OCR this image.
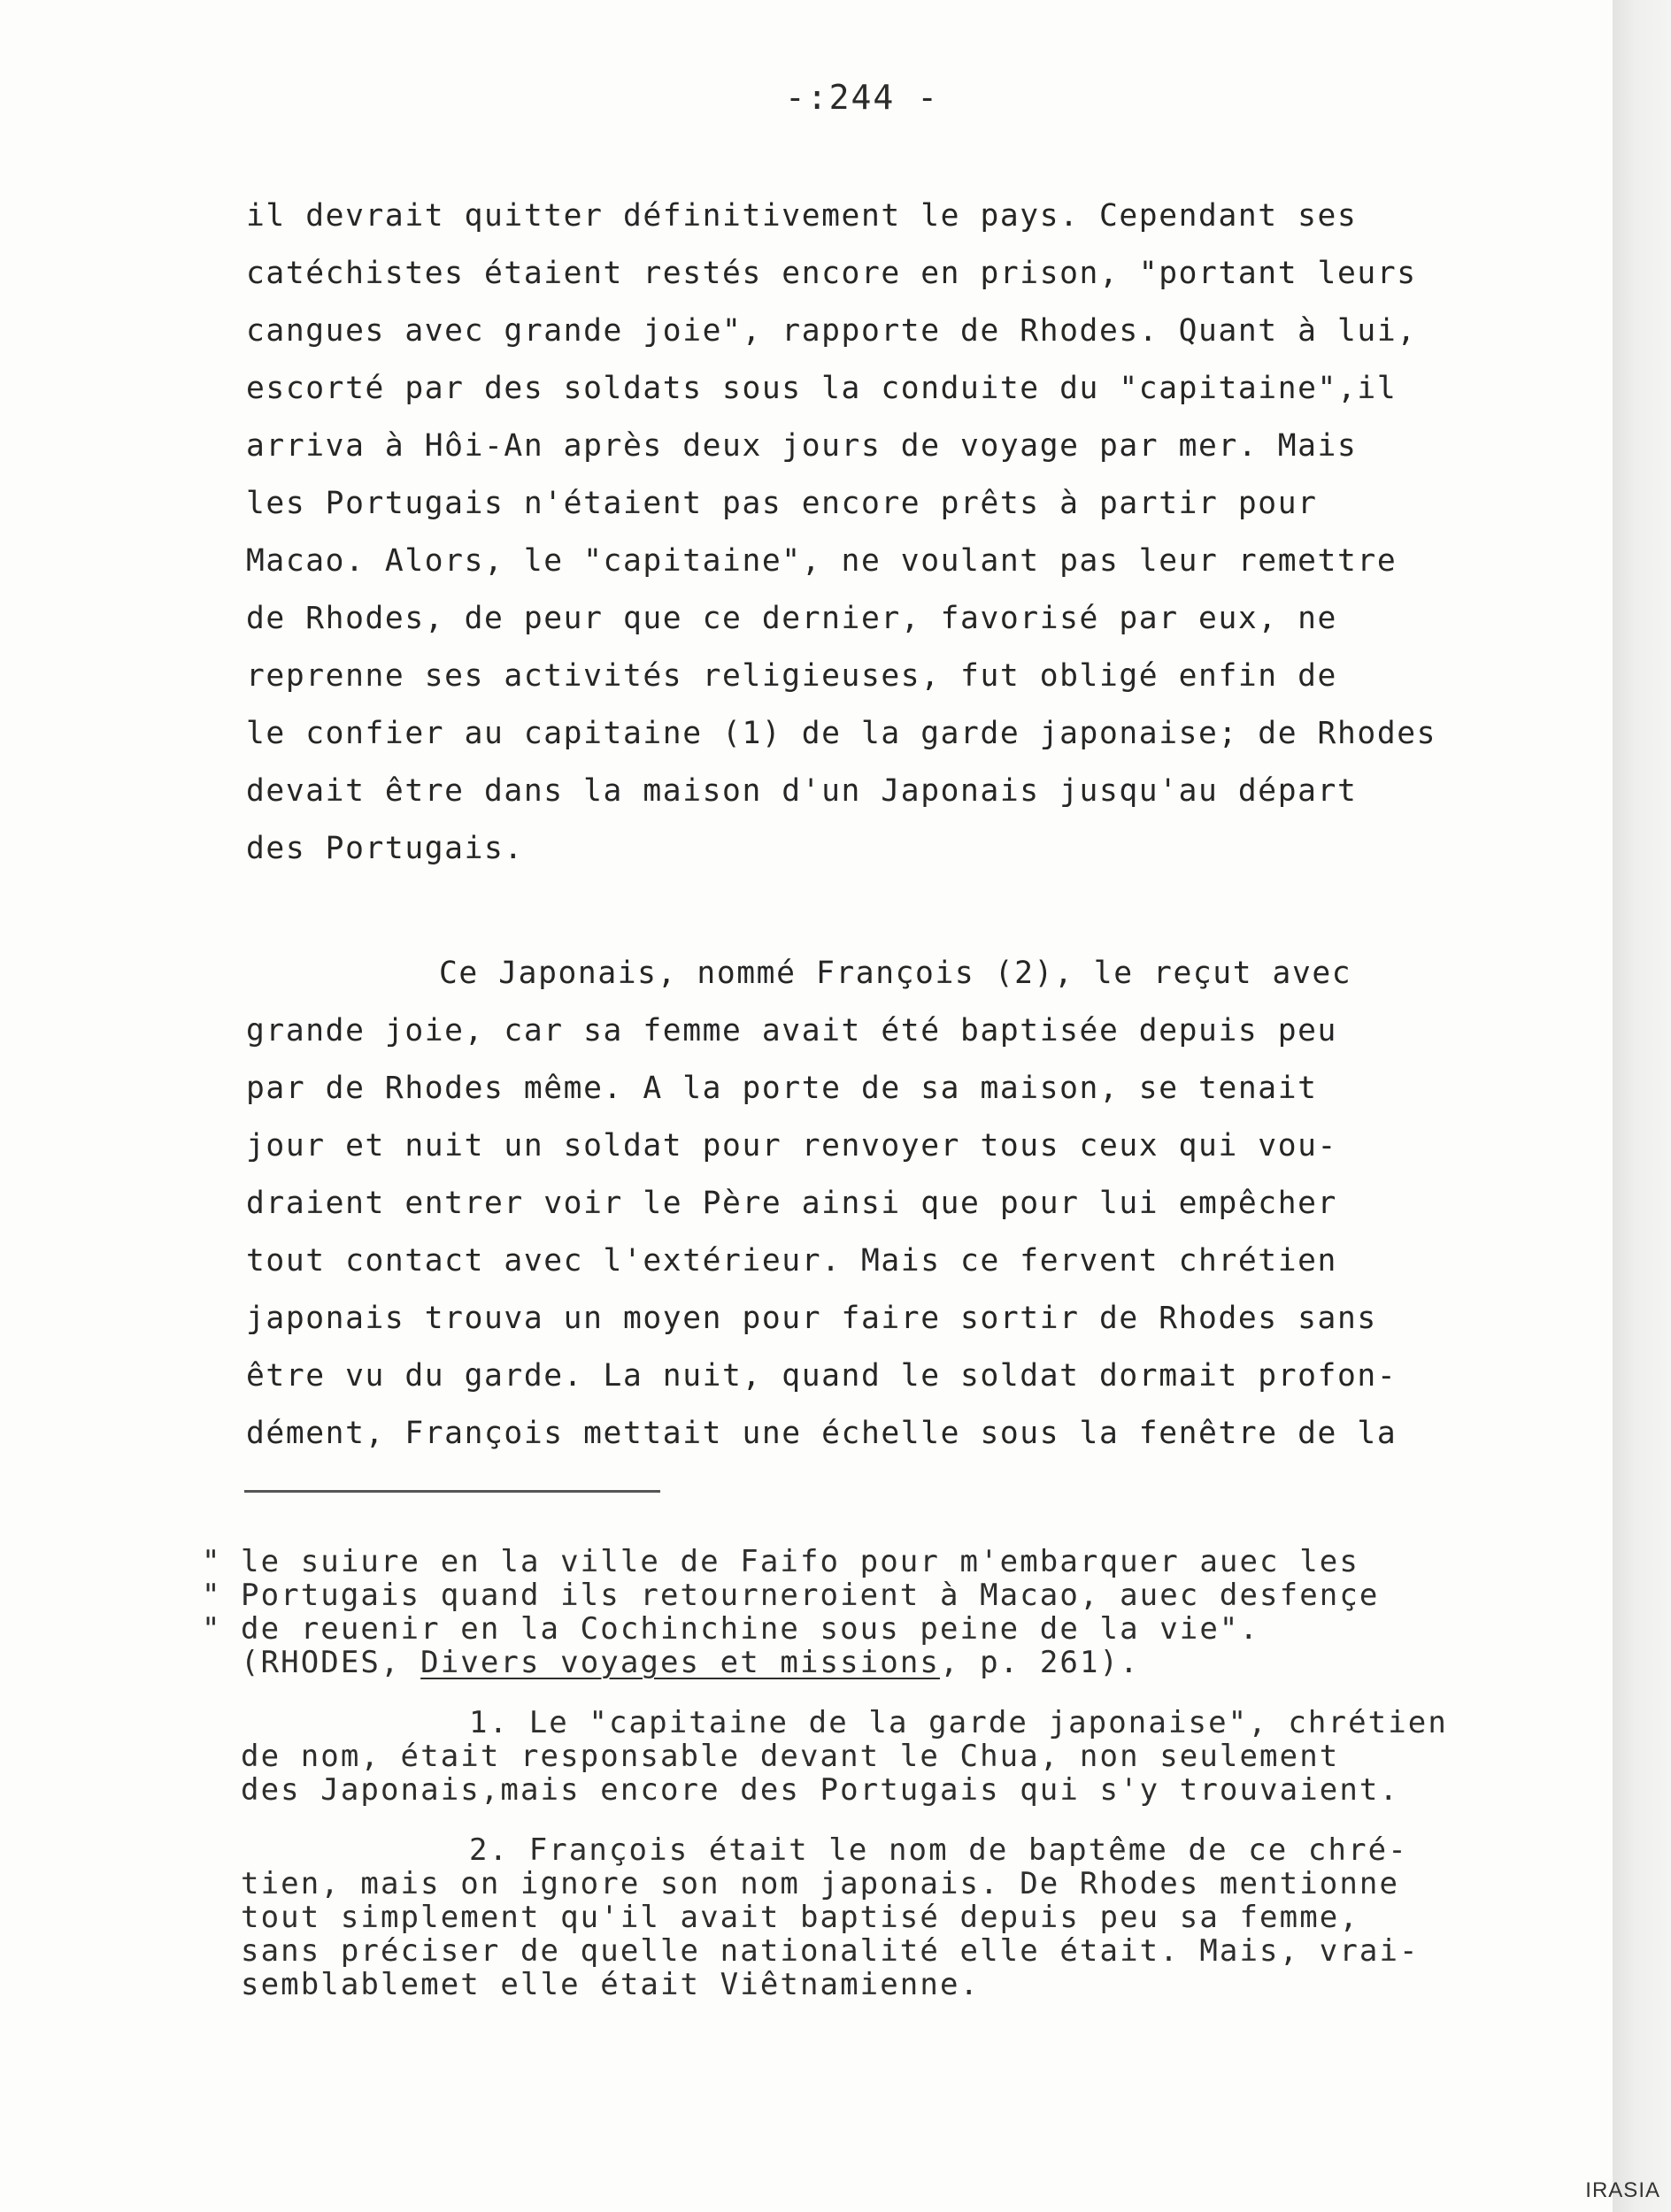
-:244 -
il devrait quitter définitivement le pays. Cependant ses
catéchistes étaient restés encore en prison, "portant leurs
cangues avec grande joie", rapporte de Rhodes. Quant à lui,
escorté par des soldats sous la conduite du "capitaine",il
arriva à Hôi-An après deux jours de voyage par mer. Mais
les Portugais n'étaient pas encore prêts à partir pour
Macao. Alors, le "capitaine", ne voulant pas leur remettre
de Rhodes, de peur que ce dernier, favorisé par eux, ne
reprenne ses activités religieuses, fut obligé enfin de
le confier au capitaine (1) de la garde japonaise; de Rhodes
devait être dans la maison d'un Japonais jusqu'au départ
des Portugais.
Ce Japonais, nommé François (2), le reçut avec
grande joie, car sa femme avait été baptisée depuis peu
par de Rhodes même. A la porte de sa maison, se tenait
jour et nuit un soldat pour renvoyer tous ceux qui vou-
draient entrer voir le Père ainsi que pour lui empêcher
tout contact avec l'extérieur. Mais ce fervent chrétien
japonais trouva un moyen pour faire sortir de Rhodes sans
être vu du garde. La nuit, quand le soldat dormait profon-
dément, François mettait une échelle sous la fenêtre de la
" le suiure en la ville de Faifo pour m'embarquer auec les
" Portugais quand ils retourneroient à Macao, auec desfençe
" de reuenir en la Cochinchine sous peine de la vie".
(RHODES, Divers voyages et missions, p. 261).
1. Le "capitaine de la garde japonaise", chrétien
de nom, était responsable devant le Chua, non seulement
des Japonais,mais encore des Portugais qui s'y trouvaient.
2. François était le nom de baptême de ce chré-
tien, mais on ignore son nom japonais. De Rhodes mentionne
tout simplement qu'il avait baptisé depuis peu sa femme,
sans préciser de quelle nationalité elle était. Mais, vrai-
semblablemet elle était Viêtnamienne.
IRASIA
